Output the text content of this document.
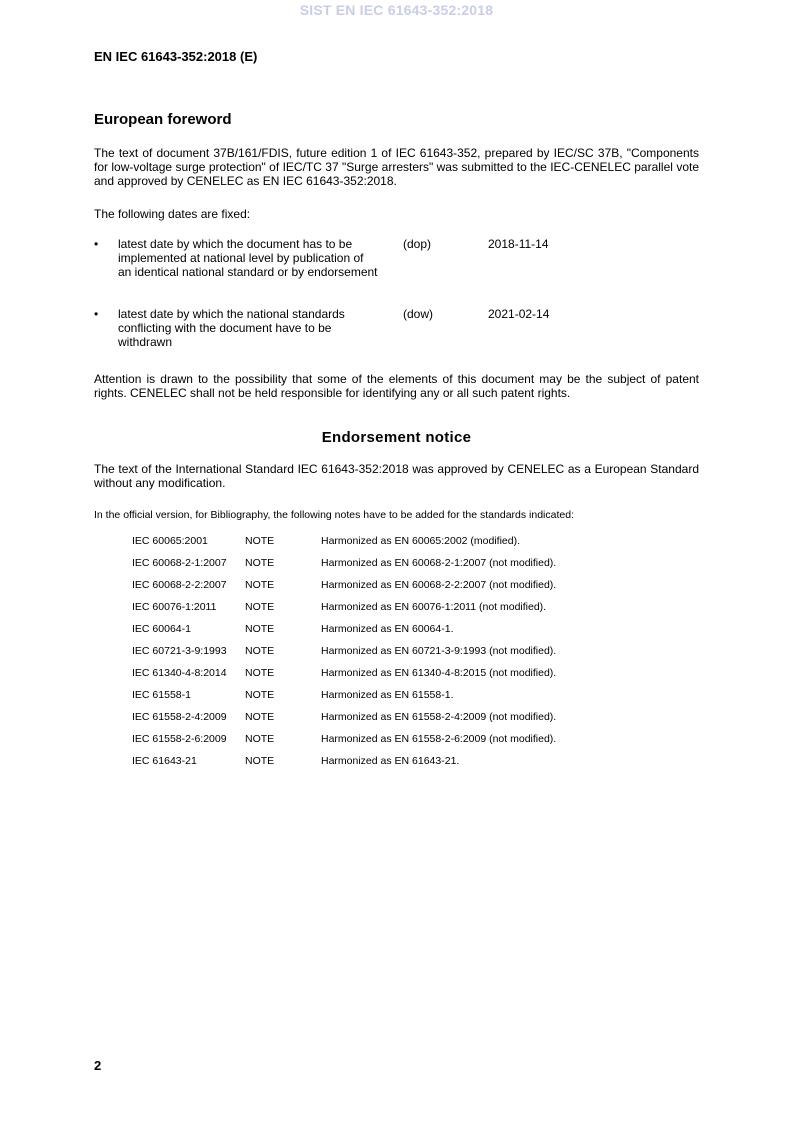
SIST EN IEC 61643-352:2018
EN IEC 61643-352:2018 (E)
European foreword
The text of document 37B/161/FDIS, future edition 1 of IEC 61643-352, prepared by IEC/SC 37B, "Components for low-voltage surge protection" of IEC/TC 37 "Surge arresters" was submitted to the IEC-CENELEC parallel vote and approved by CENELEC as EN IEC 61643-352:2018.
The following dates are fixed:
• latest date by which the document has to be implemented at national level by publication of an identical national standard or by endorsement
(dop)	2018-11-14
• latest date by which the national standards conflicting with the document have to be withdrawn
(dow)	2021-02-14
Attention is drawn to the possibility that some of the elements of this document may be the subject of patent rights. CENELEC shall not be held responsible for identifying any or all such patent rights.
Endorsement notice
The text of the International Standard IEC 61643-352:2018 was approved by CENELEC as a European Standard without any modification.
In the official version, for Bibliography, the following notes have to be added for the standards indicated:
IEC 60065:2001	NOTE	Harmonized as EN 60065:2002 (modified).
IEC 60068-2-1:2007 NOTE	Harmonized as EN 60068-2-1:2007 (not modified).
IEC 60068-2-2:2007 NOTE	Harmonized as EN 60068-2-2:2007 (not modified).
IEC 60076-1:2011	NOTE	Harmonized as EN 60076-1:2011 (not modified).
IEC 60064-1	NOTE	Harmonized as EN 60064-1.
IEC 60721-3-9:1993 NOTE	Harmonized as EN 60721-3-9:1993 (not modified).
IEC 61340-4-8:2014 NOTE	Harmonized as EN 61340-4-8:2015 (not modified).
IEC 61558-1	NOTE	Harmonized as EN 61558-1.
IEC 61558-2-4:2009 NOTE	Harmonized as EN 61558-2-4:2009 (not modified).
IEC 61558-2-6:2009 NOTE	Harmonized as EN 61558-2-6:2009 (not modified).
IEC 61643-21	NOTE	Harmonized as EN 61643-21.
2
